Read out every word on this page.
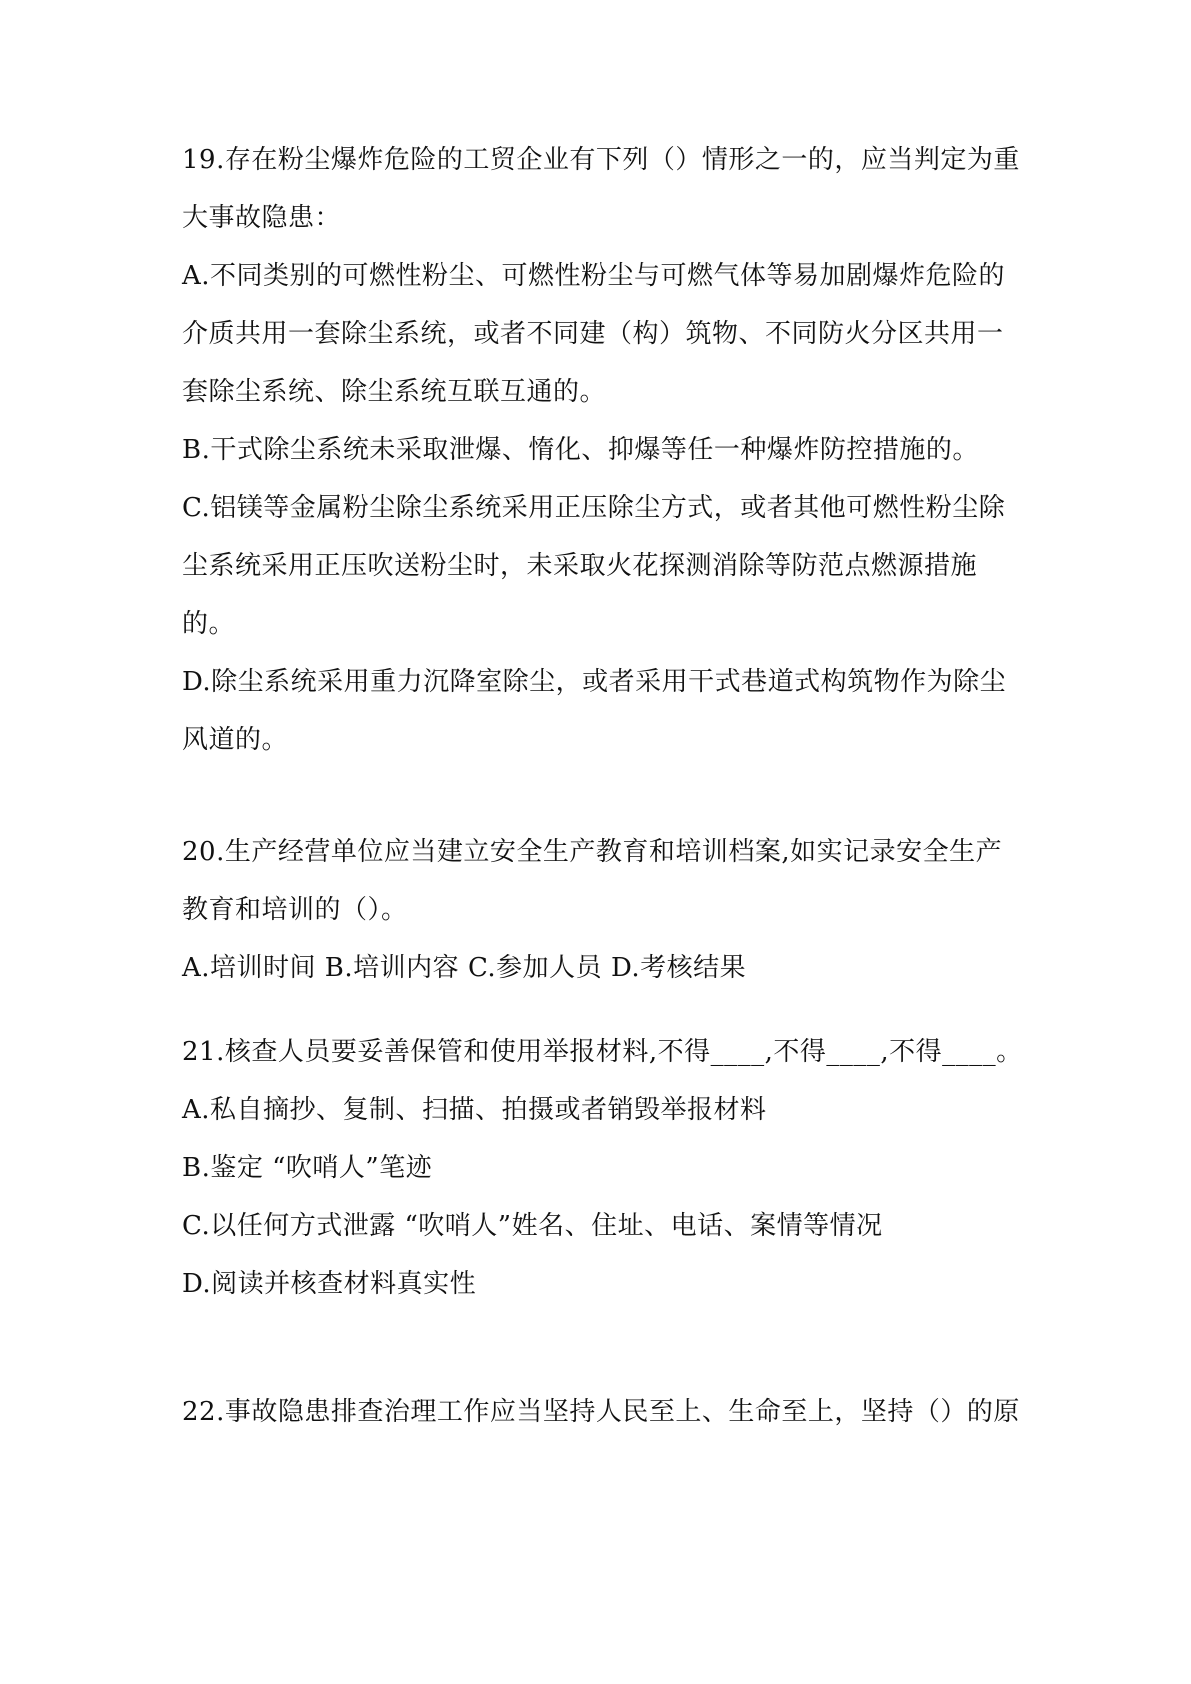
19.存在粉尘爆炸危险的工贸企业有下列（）情形之一的，应当判定为重
大事故隐患：
A.不同类别的可燃性粉尘、可燃性粉尘与可燃气体等易加剧爆炸危险的
介质共用一套除尘系统，或者不同建（构）筑物、不同防火分区共用一
套除尘系统、除尘系统互联互通的。
B.干式除尘系统未采取泄爆、惰化、抑爆等任一种爆炸防控措施的。
C.铝镁等金属粉尘除尘系统采用正压除尘方式，或者其他可燃性粉尘除
尘系统采用正压吹送粉尘时，未采取火花探测消除等防范点燃源措施
的。
D.除尘系统采用重力沉降室除尘，或者采用干式巷道式构筑物作为除尘
风道的。
20.生产经营单位应当建立安全生产教育和培训档案,如实记录安全生产
教育和培训的（）。
A.培训时间 B.培训内容 C.参加人员 D.考核结果
21.核查人员要妥善保管和使用举报材料,不得____,不得____,不得____。
A.私自摘抄、复制、扫描、拍摄或者销毁举报材料
B.鉴定 “吹哨人”笔迹
C.以任何方式泄露 “吹哨人”姓名、住址、电话、案情等情况
D.阅读并核查材料真实性
22.事故隐患排查治理工作应当坚持人民至上、生命至上，坚持（）的原
